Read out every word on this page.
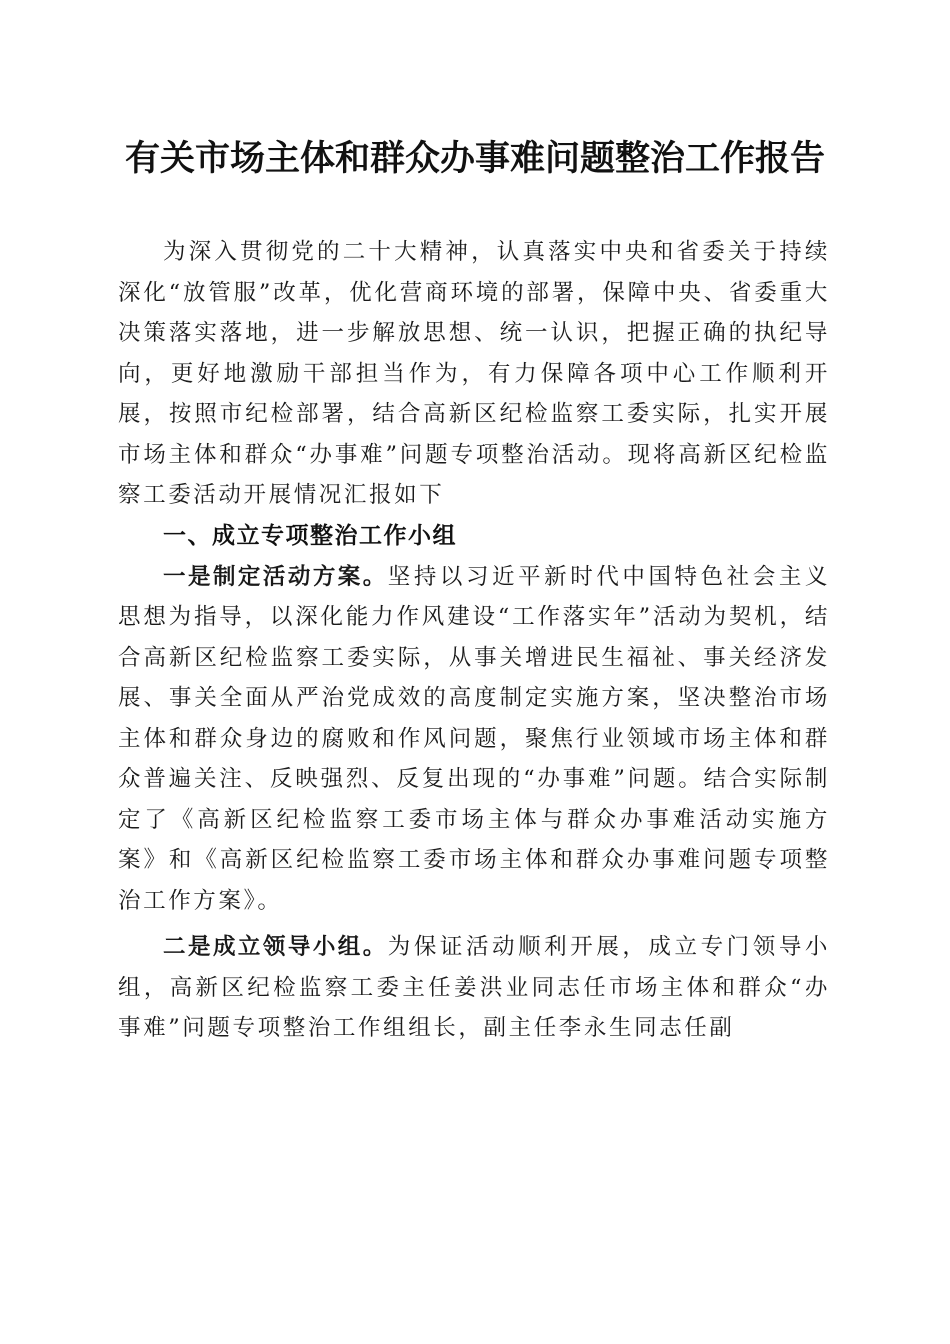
有关市场主体和群众办事难问题整治工作报告

为深入贯彻党的二十大精神，认真落实中央和省委关于持续深化“放管服”改革，优化营商环境的部署，保障中央、省委重大决策落实落地，进一步解放思想、统一认识，把握正确的执纪导向，更好地激励干部担当作为，有力保障各项中心工作顺利开展，按照市纪检部署，结合高新区纪检监察工委实际，扎实开展市场主体和群众“办事难”问题专项整治活动。现将高新区纪检监察工委活动开展情况汇报如下

一、成立专项整治工作小组

一是制定活动方案。坚持以习近平新时代中国特色社会主义思想为指导，以深化能力作风建设“工作落实年”活动为契机，结合高新区纪检监察工委实际，从事关增进民生福祉、事关经济发展、事关全面从严治党成效的高度制定实施方案，坚决整治市场主体和群众身边的腐败和作风问题，聚焦行业领域市场主体和群众普遍关注、反映强烈、反复出现的“办事难”问题。结合实际制定了《高新区纪检监察工委市场主体与群众办事难活动实施方案》和《高新区纪检监察工委市场主体和群众办事难问题专项整治工作方案》。

二是成立领导小组。为保证活动顺利开展，成立专门领导小组，高新区纪检监察工委主任姜洪业同志任市场主体和群众“办事难”问题专项整治工作组组长，副主任李永生同志任副
